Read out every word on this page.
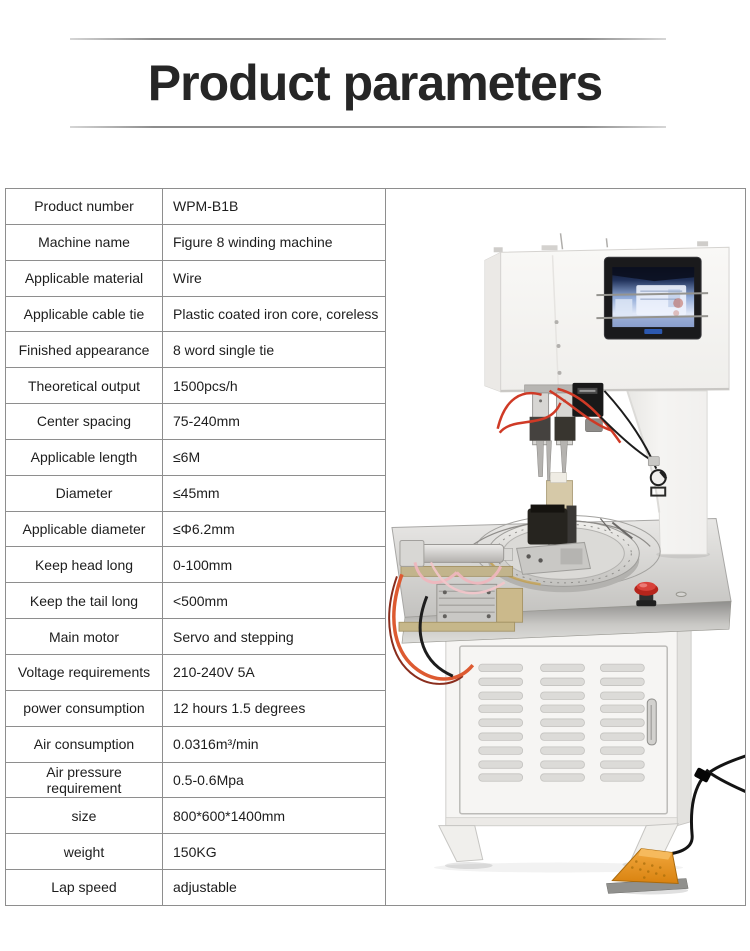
Product parameters
Product number	WPM-B1B	

Machine name	Figure 8 winding machine	
Applicable material	Wire	
Applicable cable tie	Plastic coated iron core, coreless	
Finished appearance	8 word single tie	
Theoretical output	1500pcs/h	
Center spacing	75-240mm	
Applicable length	≤6M	
Diameter	≤45mm	
Applicable diameter	≤Φ6.2mm	
Keep head long	0-100mm	
Keep the tail long	<500mm	
Main motor	Servo and stepping	
Voltage requirements	210-240V 5A	
power consumption	12 hours 1.5 degrees	
Air consumption	0.0316m³/min	
Air pressure requirement	0.5-0.6Mpa	
size	800*600*1400mm	
weight	150KG	
Lap speed	adjustable	
